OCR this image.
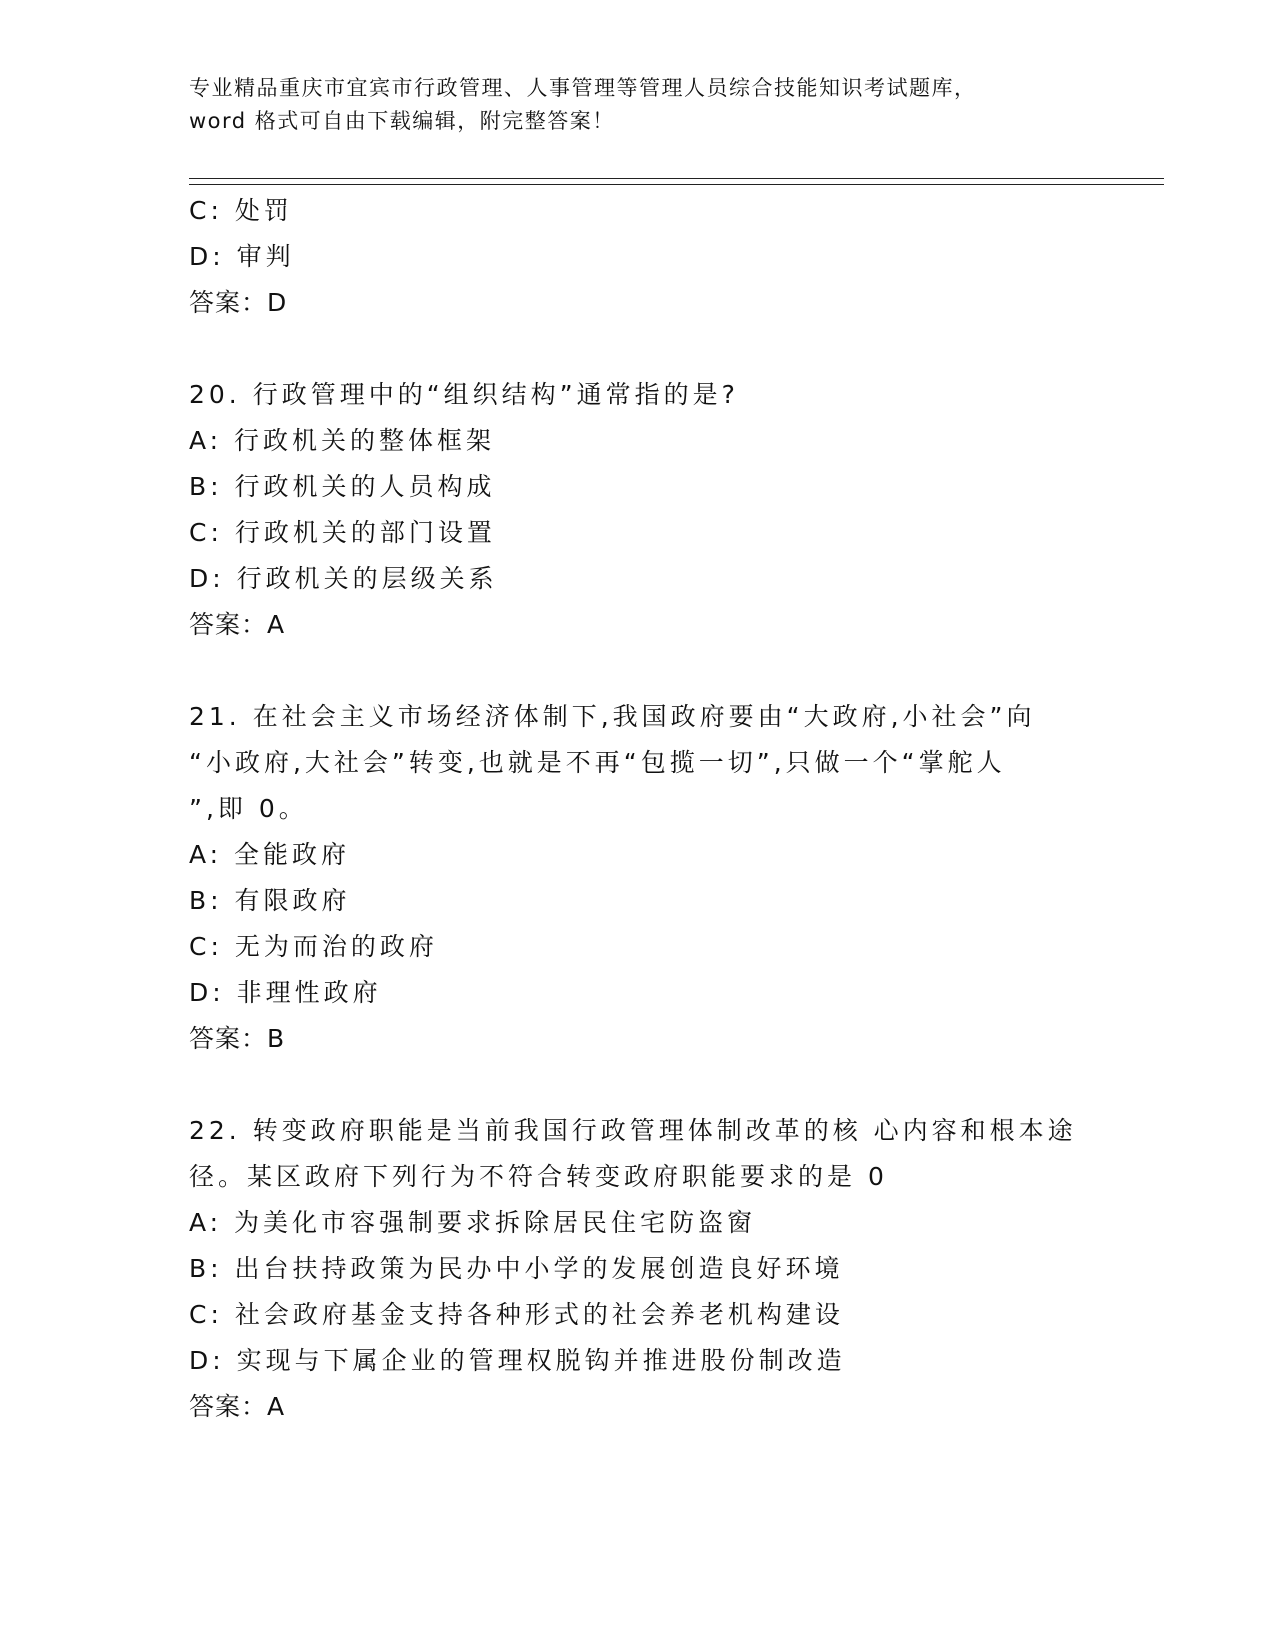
专业精品重庆市宜宾市行政管理、人事管理等管理人员综合技能知识考试题库，
word 格式可自由下载编辑，附完整答案！
C: 处罚
D: 审判
答案：D
20. 行政管理中的“组织结构”通常指的是?
A: 行政机关的整体框架
B: 行政机关的人员构成
C: 行政机关的部门设置
D: 行政机关的层级关系
答案：A
21. 在社会主义市场经济体制下,我国政府要由“大政府,小社会”向
“小政府,大社会”转变,也就是不再“包揽一切”,只做一个“掌舵人
”,即 0。
A: 全能政府
B: 有限政府
C: 无为而治的政府
D: 非理性政府
答案：B
22. 转变政府职能是当前我国行政管理体制改革的核 心内容和根本途
径。某区政府下列行为不符合转变政府职能要求的是 0
A: 为美化市容强制要求拆除居民住宅防盗窗
B: 出台扶持政策为民办中小学的发展创造良好环境
C: 社会政府基金支持各种形式的社会养老机构建设
D: 实现与下属企业的管理权脱钩并推进股份制改造
答案：A
